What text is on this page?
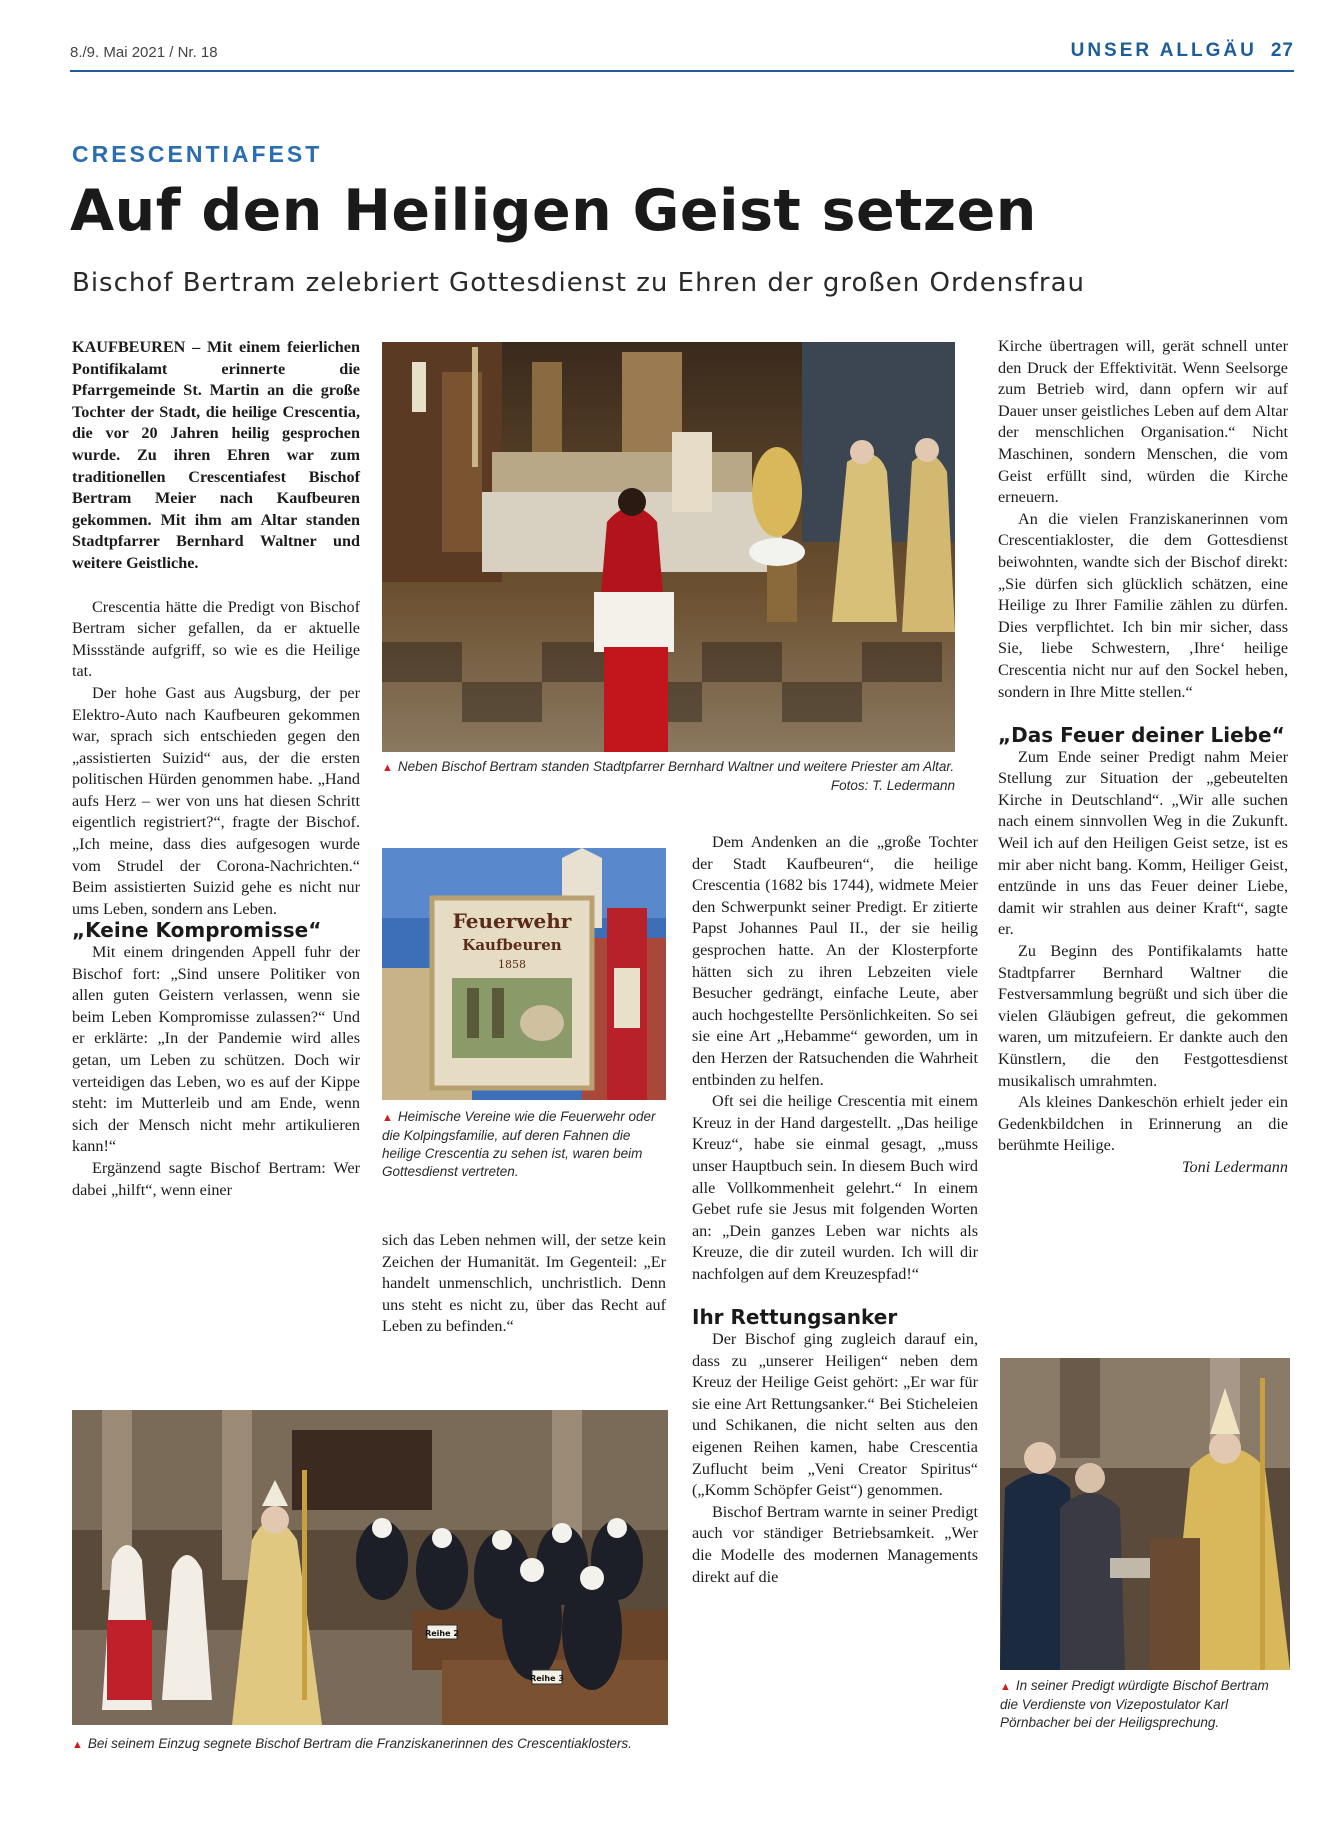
8./9. Mai 2021 / Nr. 18	UNSER ALLGÄU 27
CRESCENTIAFEST
Auf den Heiligen Geist setzen
Bischof Bertram zelebriert Gottesdienst zu Ehren der großen Ordensfrau

KAUFBEUREN – Mit einem feierlichen Pontifikalamt erinnerte die Pfarrgemeinde St. Martin an die große Tochter der Stadt, die heilige Crescentia, die vor 20 Jahren heilig gesprochen wurde. Zu ihren Ehren war zum traditionellen Crescentiafest Bischof Bertram Meier nach Kaufbeuren gekommen. Mit ihm am Altar standen Stadtpfarrer Bernhard Waltner und weitere Geistliche.

Crescentia hätte die Predigt von Bischof Bertram sicher gefallen, da er aktuelle Missstände aufgriff, so wie es die Heilige tat.

Der hohe Gast aus Augsburg, der per Elektro-Auto nach Kaufbeuren gekommen war, sprach sich entschieden gegen den „assistierten Suizid“ aus, der die ersten politischen Hürden genommen habe. „Hand aufs Herz – wer von uns hat diesen Schritt eigentlich registriert?“, fragte der Bischof. „Ich meine, dass dies aufgesogen wurde vom Strudel der Corona-Nachrichten.“ Beim assistierten Suizid gehe es nicht nur ums Leben, sondern ans Leben.

„Keine Kompromisse“

Mit einem dringenden Appell fuhr der Bischof fort: „Sind unsere Politiker von allen guten Geistern verlassen, wenn sie beim Leben Kompromisse zulassen?“ Und er erklärte: „In der Pandemie wird alles getan, um Leben zu schützen. Doch wir verteidigen das Leben, wo es auf der Kippe steht: im Mutterleib und am Ende, wenn sich der Mensch nicht mehr artikulieren kann!“

Ergänzend sagte Bischof Bertram: Wer dabei „hilft“, wenn einer

▲ Neben Bischof Bertram standen Stadtpfarrer Bernhard Waltner und weitere Priester am Altar.
Fotos: T. Ledermann
Feuerwehr
Kaufbeuren
1858
▲ Heimische Vereine wie die Feuerwehr oder die Kolpingsfamilie, auf deren Fahnen die heilige Crescentia zu sehen ist, waren beim Gottesdienst vertreten.

sich das Leben nehmen will, der setze kein Zeichen der Humanität. Im Gegenteil: „Er handelt unmenschlich, unchristlich. Denn uns steht es nicht zu, über das Recht auf Leben zu befinden.“

Dem Andenken an die „große Tochter der Stadt Kaufbeuren“, die heilige Crescentia (1682 bis 1744), widmete Meier den Schwerpunkt seiner Predigt. Er zitierte Papst Johannes Paul II., der sie heilig gesprochen hatte. An der Klosterpforte hätten sich zu ihren Lebzeiten viele Besucher gedrängt, einfache Leute, aber auch hochgestellte Persönlichkeiten. So sei sie eine Art „Hebamme“ geworden, um in den Herzen der Ratsuchenden die Wahrheit entbinden zu helfen.

Oft sei die heilige Crescentia mit einem Kreuz in der Hand dargestellt. „Das heilige Kreuz“, habe sie einmal gesagt, „muss unser Hauptbuch sein. In diesem Buch wird alle Vollkommenheit gelehrt.“ In einem Gebet rufe sie Jesus mit folgenden Worten an: „Dein ganzes Leben war nichts als Kreuze, die dir zuteil wurden. Ich will dir nachfolgen auf dem Kreuzespfad!“

Ihr Rettungsanker

Der Bischof ging zugleich darauf ein, dass zu „unserer Heiligen“ neben dem Kreuz der Heilige Geist gehört: „Er war für sie eine Art Rettungsanker.“ Bei Sticheleien und Schikanen, die nicht selten aus den eigenen Reihen kamen, habe Crescentia Zuflucht beim „Veni Creator Spiritus“ („Komm Schöpfer Geist“) genommen.

Bischof Bertram warnte in seiner Predigt auch vor ständiger Betriebsamkeit. „Wer die Modelle des modernen Managements direkt auf die

Kirche übertragen will, gerät schnell unter den Druck der Effektivität. Wenn Seelsorge zum Betrieb wird, dann opfern wir auf Dauer unser geistliches Leben auf dem Altar der menschlichen Organisation.“ Nicht Maschinen, sondern Menschen, die vom Geist erfüllt sind, würden die Kirche erneuern.

An die vielen Franziskanerinnen vom Crescentiakloster, die dem Gottesdienst beiwohnten, wandte sich der Bischof direkt: „Sie dürfen sich glücklich schätzen, eine Heilige zu Ihrer Familie zählen zu dürfen. Dies verpflichtet. Ich bin mir sicher, dass Sie, liebe Schwestern, ‚Ihre‘ heilige Crescentia nicht nur auf den Sockel heben, sondern in Ihre Mitte stellen.“

„Das Feuer deiner Liebe“

Zum Ende seiner Predigt nahm Meier Stellung zur Situation der „gebeutelten Kirche in Deutschland“. „Wir alle suchen nach einem sinnvollen Weg in die Zukunft. Weil ich auf den Heiligen Geist setze, ist es mir aber nicht bang. Komm, Heiliger Geist, entzünde in uns das Feuer deiner Liebe, damit wir strahlen aus deiner Kraft“, sagte er.

Zu Beginn des Pontifikalamts hatte Stadtpfarrer Bernhard Waltner die Festversammlung begrüßt und sich über die vielen Gläubigen gefreut, die gekommen waren, um mitzufeiern. Er dankte auch den Künstlern, die den Festgottesdienst musikalisch umrahmten.

Als kleines Dankeschön erhielt jeder ein Gedenkbildchen in Erinnerung an die berühmte Heilige.

Toni Ledermann
Reihe 2
Reihe 3
▲ Bei seinem Einzug segnete Bischof Bertram die Franziskanerinnen des Crescentiaklosters.
▲ In seiner Predigt würdigte Bischof Bertram die Verdienste von Vizepostulator Karl Pörnbacher bei der Heiligsprechung.
